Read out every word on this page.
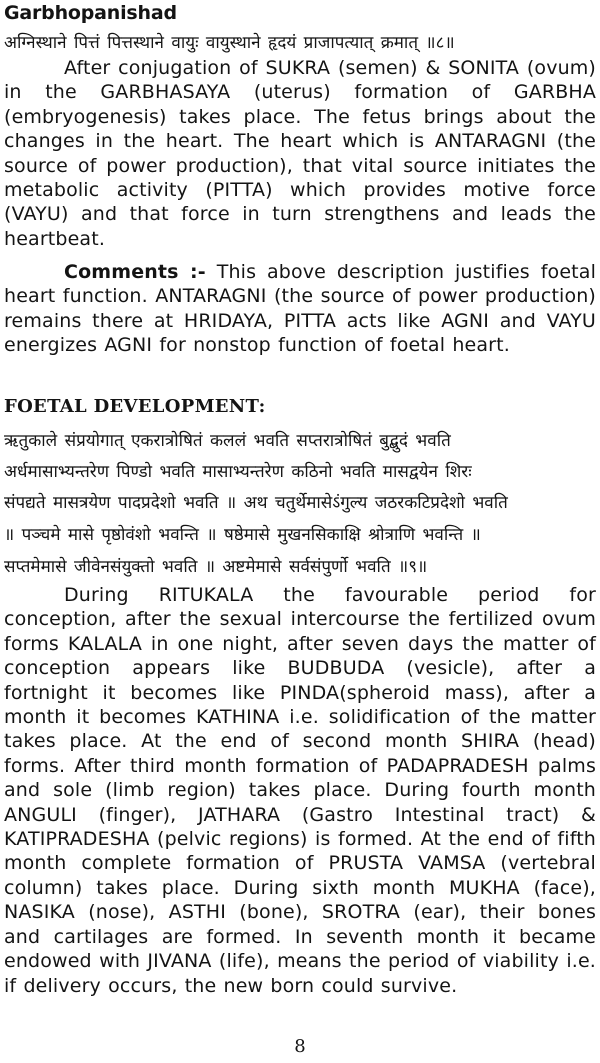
Garbhopanishad
अग्निस्थाने पित्तं पित्तस्थाने वायुः वायुस्थाने हृदयं प्राजापत्यात् क्रमात् ॥८॥

After conjugation of SUKRA (semen) & SONITA (ovum) in the GARBHASAYA (uterus) formation of GARBHA (embryogenesis) takes place. The fetus brings about the changes in the heart. The heart which is ANTARAGNI (the source of power production), that vital source initiates the metabolic activity (PITTA) which provides motive force (VAYU) and that force in turn strengthens and leads the heartbeat.

Comments :- This above description justifies foetal heart function. ANTARAGNI (the source of power production) remains there at HRIDAYA, PITTA acts like AGNI and VAYU energizes AGNI for nonstop function of foetal heart.

FOETAL DEVELOPMENT:
ऋतुकाले संप्रयोगात् एकरात्रोषितं कललं भवति सप्तरात्रोषितं बुद्बुदं भवति
अर्धमासाभ्यन्तरेण पिण्डो भवति मासाभ्यन्तरेण कठिनो भवति मासद्वयेन शिरः
संपद्यते मासत्रयेण पादप्रदेशो भवति ॥ अथ चतुर्थेमासेऽंगुल्य जठरकटिप्रदेशो भवति
॥ पञ्चमे मासे पृष्ठोवंशो भवन्ति ॥ षष्ठेमासे मुखनसिकाक्षि श्रोत्राणि भवन्ति ॥
सप्तमेमासे जीवेनसंयुक्तो भवति ॥ अष्टमेमासे सर्वसंपुर्णो भवति ॥९॥

During RITUKALA the favourable period for conception, after the sexual intercourse the fertilized ovum forms KALALA in one night, after seven days the matter of conception appears like BUDBUDA (vesicle), after a fortnight it becomes like PINDA(spheroid mass), after a month it becomes KATHINA i.e. solidification of the matter takes place. At the end of second month SHIRA (head) forms. After third month formation of PADAPRADESH palms and sole (limb region) takes place. During fourth month ANGULI (finger), JATHARA (Gastro Intestinal tract) & KATIPRADESHA (pelvic regions) is formed. At the end of fifth month complete formation of PRUSTA VAMSA (vertebral column) takes place. During sixth month MUKHA (face), NASIKA (nose), ASTHI (bone), SROTRA (ear), their bones and cartilages are formed. In seventh month it became endowed with JIVANA (life), means the period of viability i.e. if delivery occurs, the new born could survive.

8
